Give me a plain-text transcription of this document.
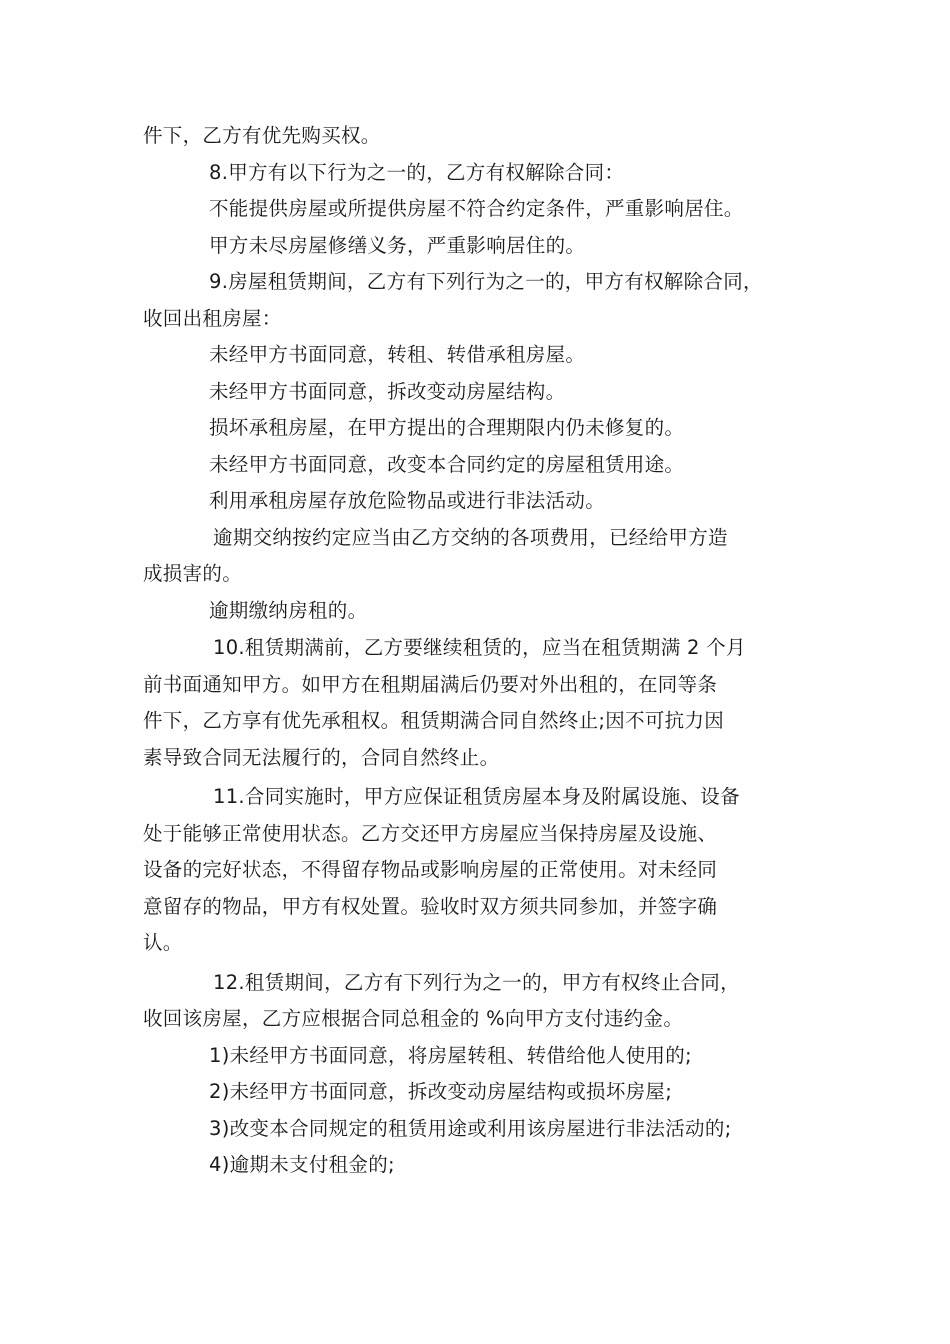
件下，乙方有优先购买权。
8.甲方有以下行为之一的，乙方有权解除合同：
不能提供房屋或所提供房屋不符合约定条件，严重影响居住。
甲方未尽房屋修缮义务，严重影响居住的。
9.房屋租赁期间，乙方有下列行为之一的，甲方有权解除合同，
收回出租房屋：
未经甲方书面同意，转租、转借承租房屋。
未经甲方书面同意，拆改变动房屋结构。
损坏承租房屋，在甲方提出的合理期限内仍未修复的。
未经甲方书面同意，改变本合同约定的房屋租赁用途。
利用承租房屋存放危险物品或进行非法活动。
逾期交纳按约定应当由乙方交纳的各项费用，已经给甲方造
成损害的。
逾期缴纳房租的。
10.租赁期满前，乙方要继续租赁的，应当在租赁期满 2 个月
前书面通知甲方。如甲方在租期届满后仍要对外出租的，在同等条
件下，乙方享有优先承租权。租赁期满合同自然终止;因不可抗力因
素导致合同无法履行的，合同自然终止。
11.合同实施时，甲方应保证租赁房屋本身及附属设施、设备
处于能够正常使用状态。乙方交还甲方房屋应当保持房屋及设施、
设备的完好状态，不得留存物品或影响房屋的正常使用。对未经同
意留存的物品，甲方有权处置。验收时双方须共同参加，并签字确
认。
12.租赁期间，乙方有下列行为之一的，甲方有权终止合同，
收回该房屋，乙方应根据合同总租金的 %向甲方支付违约金。
1)未经甲方书面同意，将房屋转租、转借给他人使用的;
2)未经甲方书面同意，拆改变动房屋结构或损坏房屋;
3)改变本合同规定的租赁用途或利用该房屋进行非法活动的;
4)逾期未支付租金的;
